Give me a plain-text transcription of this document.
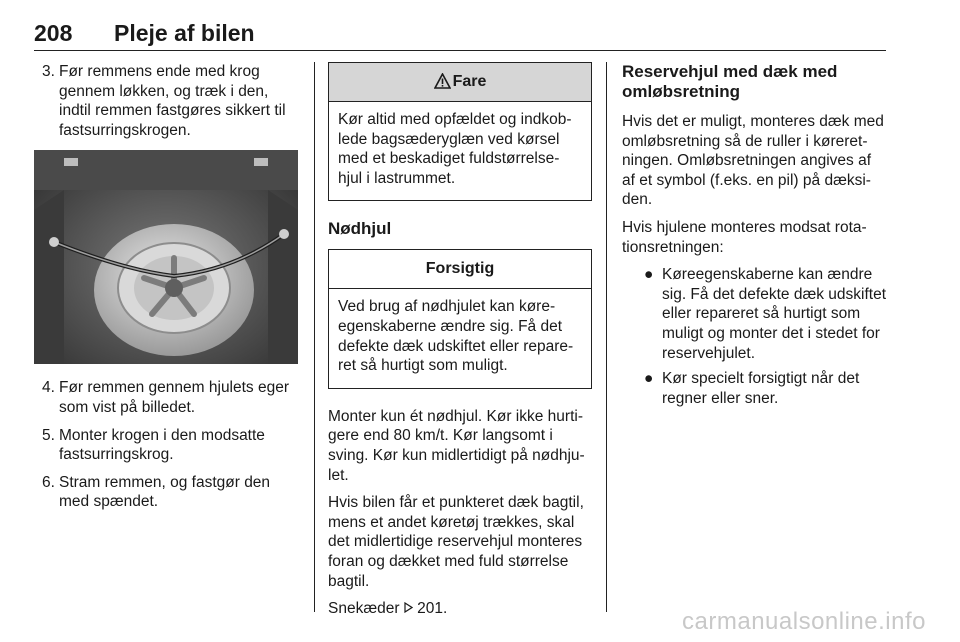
208 Pleje af bilen
3. Før remmens ende med krog gennem løkken, og træk i den, indtil remmen fastgøres sikkert til fastsurringskrogen.
4. Før remmen gennem hjulets eger som vist på billedet.
5. Monter krogen i den modsatte fastsurringskrog.
6. Stram remmen, og fastgør den med spændet.
Fare
Kør altid med opfældet og indkob-lede bagsæderyglæn ved kørsel med et beskadiget fuldstørrelse-hjul i lastrummet.
Nødhjul
Forsigtig
Ved brug af nødhjulet kan køre-egenskaberne ændre sig. Få det defekte dæk udskiftet eller repare-ret så hurtigt som muligt.

Monter kun ét nødhjul. Kør ikke hurti-gere end 80 km/t. Kør langsomt i sving. Kør kun midlertidigt på nødhju-let.

Hvis bilen får et punkteret dæk bagtil, mens et andet køretøj trækkes, skal det midlertidige reservehjul monteres foran og dækket med fuld størrelse bagtil.

Snekæder 201.

Reservehjul med dæk med omløbsretning

Hvis det er muligt, monteres dæk med omløbsretning så de ruller i køreret-ningen. Omløbsretningen angives af af et symbol (f.eks. en pil) på dæksi-den.

Hvis hjulene monteres modsat rota-tionsretningen:

● Køreegenskaberne kan ændre sig. Få det defekte dæk udskiftet eller repareret så hurtigt som muligt og monter det i stedet for reservehjulet.
● Kør specielt forsigtigt når det regner eller sner.
carmanualsonline.info
